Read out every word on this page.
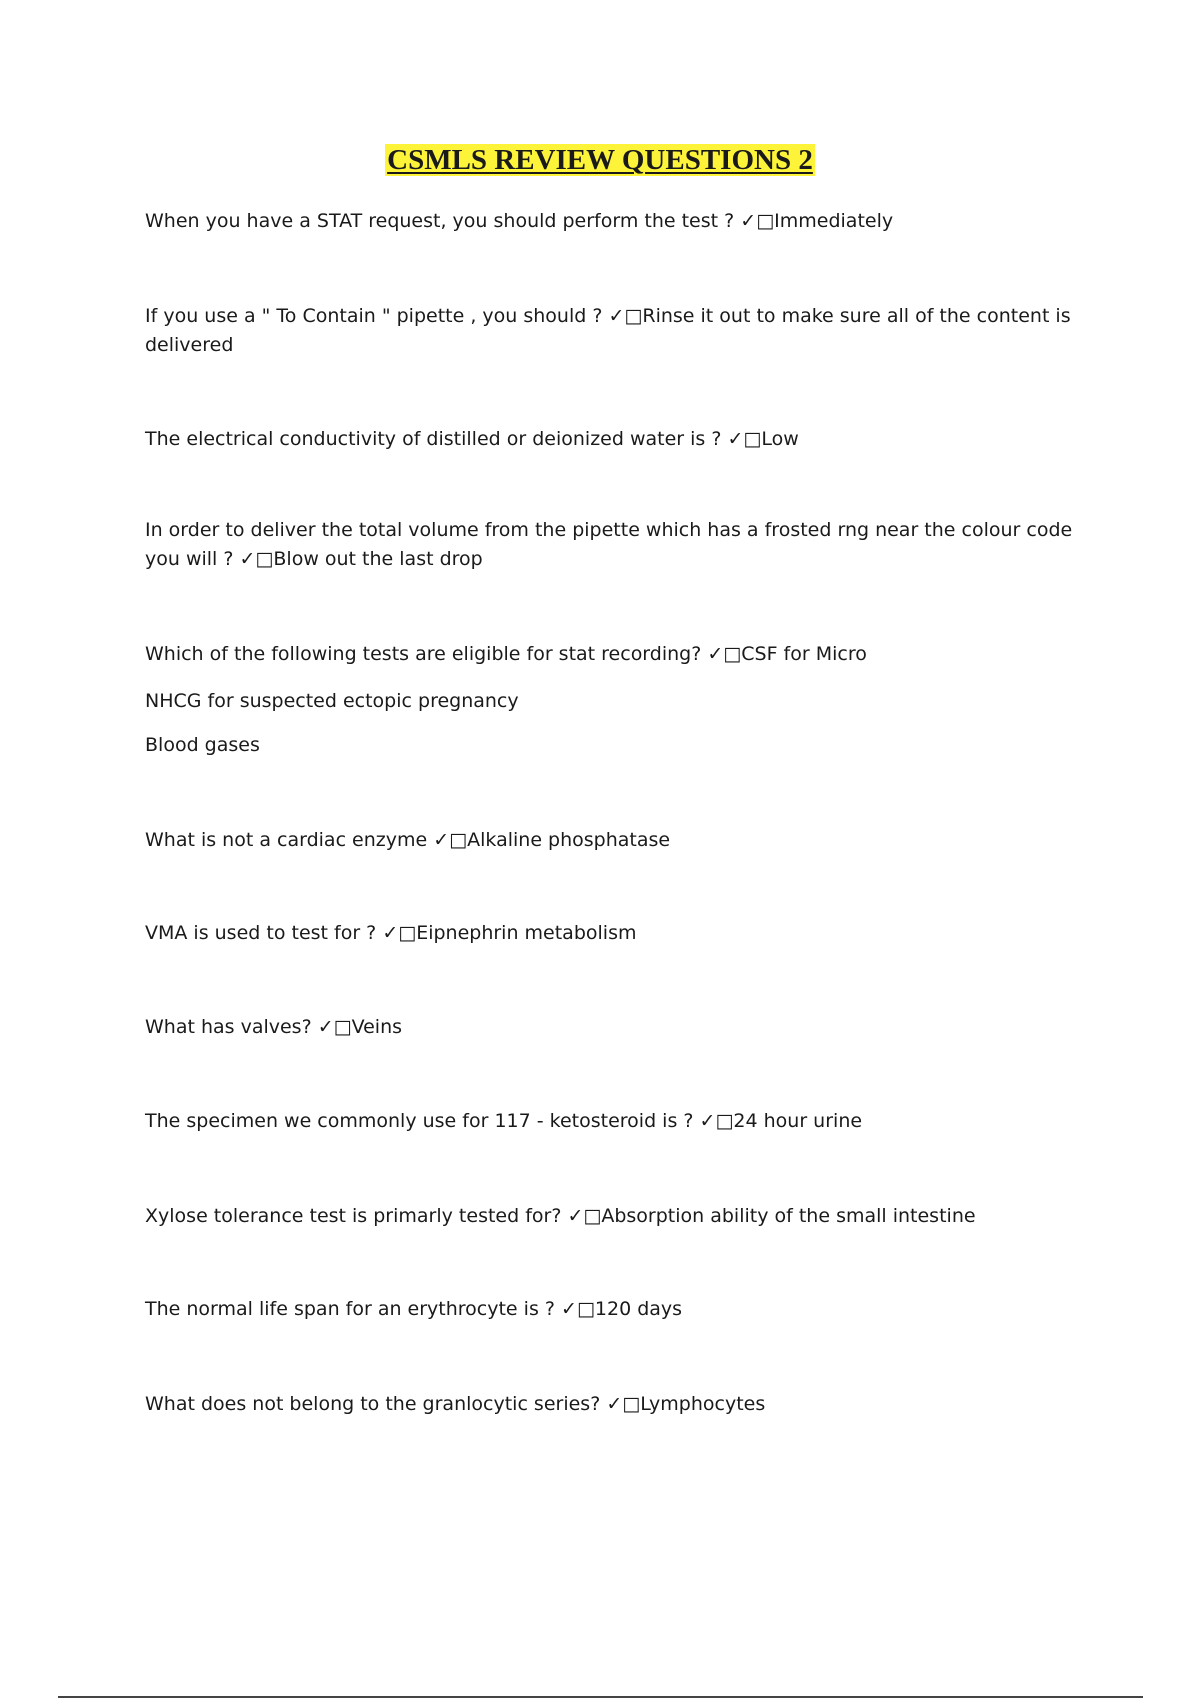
CSMLS REVIEW QUESTIONS 2

When you have a STAT request, you should perform the test ? ✓□Immediately

If you use a " To Contain " pipette , you should ? ✓□Rinse it out to make sure all of the content is delivered

The electrical conductivity of distilled or deionized water is ? ✓□Low

In order to deliver the total volume from the pipette which has a frosted rng near the colour code you will ? ✓□Blow out the last drop

Which of the following tests are eligible for stat recording? ✓□CSF for Micro

NHCG for suspected ectopic pregnancy

Blood gases

What is not a cardiac enzyme ✓□Alkaline phosphatase

VMA is used to test for ? ✓□Eipnephrin metabolism

What has valves? ✓□Veins

The specimen we commonly use for 117 - ketosteroid is ? ✓□24 hour urine

Xylose tolerance test is primarly tested for? ✓□Absorption ability of the small intestine

The normal life span for an erythrocyte is ? ✓□120 days

What does not belong to the granlocytic series? ✓□Lymphocytes
